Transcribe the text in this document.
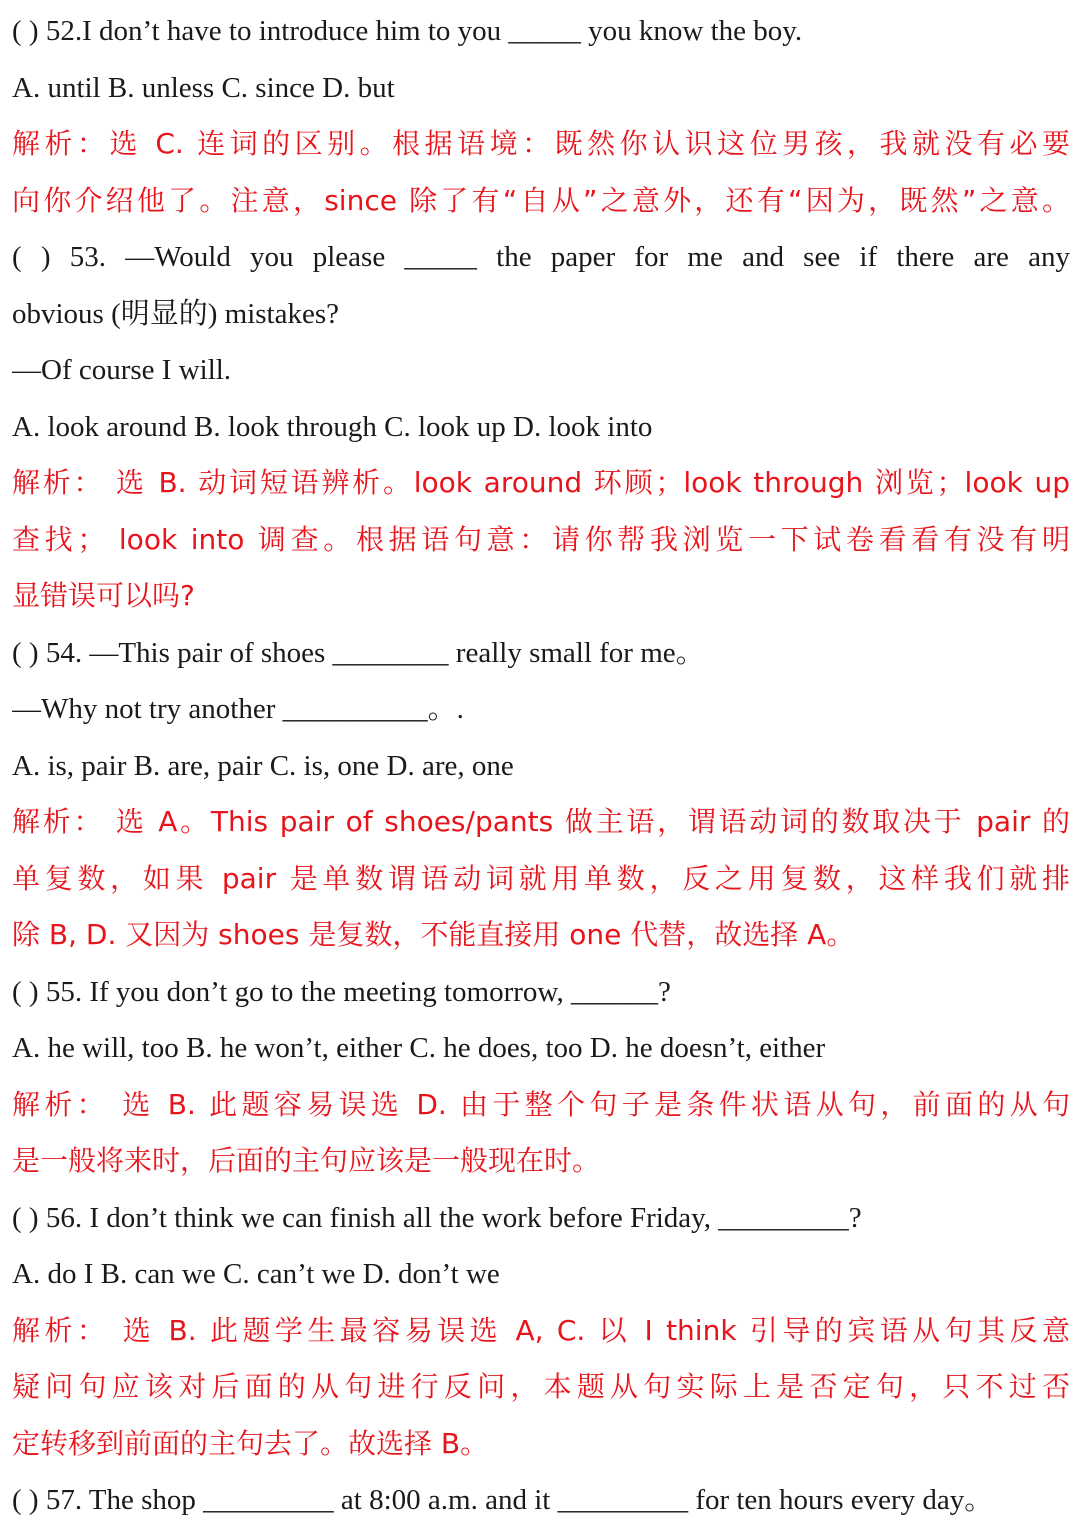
( ) 52.I don’t have to introduce him to you _____ you know the boy.
A. until B. unless C. since D. but
解析：选 C. 连词的区别。根据语境：既然你认识这位男孩，我就没有必要
向你介绍他了。注意，since 除了有“自从”之意外，还有“因为，既然”之意。
( ) 53. —Would you please _____ the paper for me and see if there are any
obvious (明显的) mistakes?
—Of course I will.
A. look around B. look through C. look up D. look into
解析： 选 B. 动词短语辨析。look around 环顾；look through 浏览；look up
查找； look into 调查。根据语句意：请你帮我浏览一下试卷看看有没有明
显错误可以吗?
( ) 54. —This pair of shoes ________ really small for me。
—Why not try another __________。.
A. is, pair B. are, pair C. is, one D. are, one
解析： 选 A。This pair of shoes/pants 做主语，谓语动词的数取决于 pair 的
单复数，如果 pair 是单数谓语动词就用单数，反之用复数，这样我们就排
除 B, D. 又因为 shoes 是复数，不能直接用 one 代替，故选择 A。
( ) 55. If you don’t go to the meeting tomorrow, ______?
A. he will, too B. he won’t, either C. he does, too D. he doesn’t, either
解析： 选 B. 此题容易误选 D. 由于整个句子是条件状语从句，前面的从句
是一般将来时，后面的主句应该是一般现在时。
( ) 56. I don’t think we can finish all the work before Friday, _________?
A. do I B. can we C. can’t we D. don’t we
解析： 选 B. 此题学生最容易误选 A, C. 以 I think 引导的宾语从句其反意
疑问句应该对后面的从句进行反问，本题从句实际上是否定句，只不过否
定转移到前面的主句去了。故选择 B。
( ) 57. The shop _________ at 8:00 a.m. and it _________ for ten hours every day。
